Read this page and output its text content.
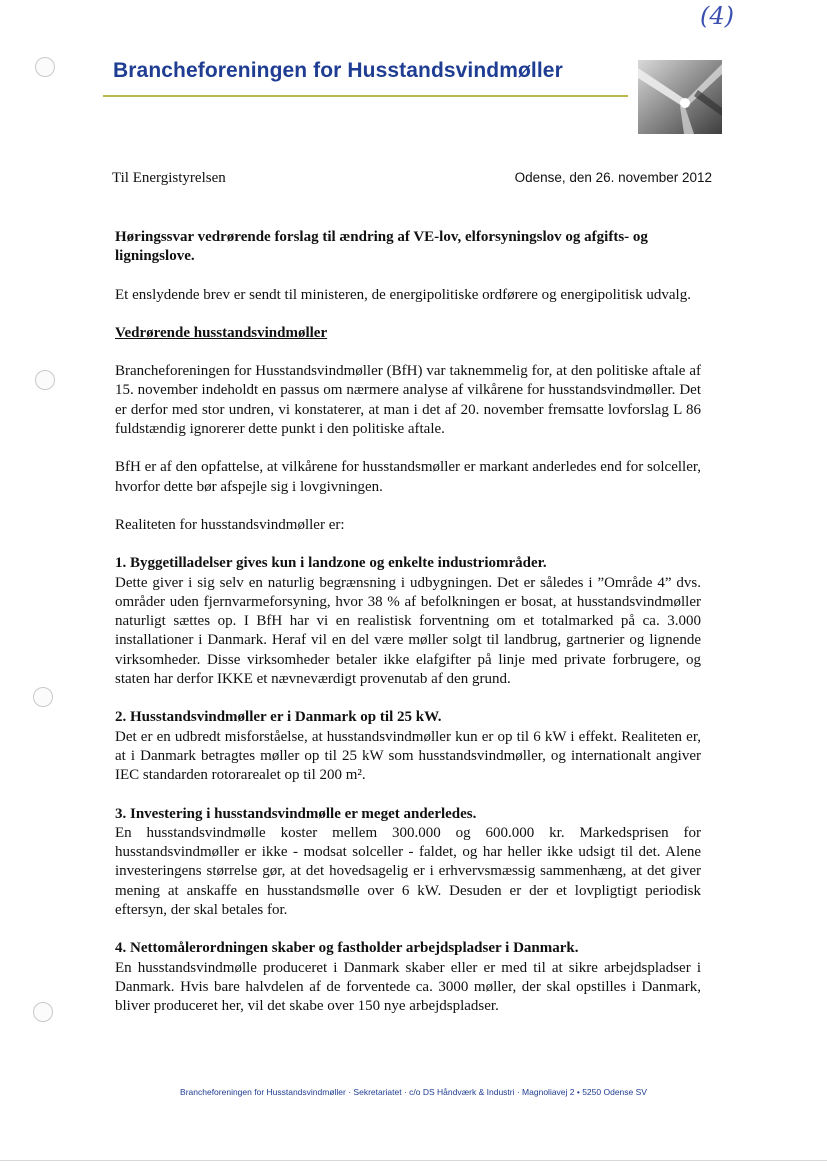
(4)
Brancheforeningen for Husstandsvindmøller
Til Energistyrelsen	Odense, den 26. november 2012

Høringssvar vedrørende forslag til ændring af VE-lov, elforsyningslov og afgifts- og ligningslove.

Et enslydende brev er sendt til ministeren, de energipolitiske ordførere og energipolitisk udvalg.

Vedrørende husstandsvindmøller

Brancheforeningen for Husstandsvindmøller (BfH) var taknemmelig for, at den politiske aftale af 15. november indeholdt en passus om nærmere analyse af vilkårene for husstandsvindmøller. Det er derfor med stor undren, vi konstaterer, at man i det af 20. november fremsatte lovforslag L 86 fuldstændig ignorerer dette punkt i den politiske aftale.

BfH er af den opfattelse, at vilkårene for husstandsmøller er markant anderledes end for solceller, hvorfor dette bør afspejle sig i lovgivningen.

Realiteten for husstandsvindmøller er:

1. Byggetilladelser gives kun i landzone og enkelte industriområder.

Dette giver i sig selv en naturlig begrænsning i udbygningen. Det er således i ”Område 4” dvs. områder uden fjernvarmeforsyning, hvor 38 % af befolkningen er bosat, at husstandsvindmøller naturligt sættes op. I BfH har vi en realistisk forventning om et totalmarked på ca. 3.000 installationer i Danmark. Heraf vil en del være møller solgt til landbrug, gartnerier og lignende virksomheder. Disse virksomheder betaler ikke elafgifter på linje med private forbrugere, og staten har derfor IKKE et nævneværdigt provenutab af den grund.

2. Husstandsvindmøller er i Danmark op til 25 kW.

Det er en udbredt misforståelse, at husstandsvindmøller kun er op til 6 kW i effekt. Realiteten er, at i Danmark betragtes møller op til 25 kW som husstandsvindmøller, og internationalt angiver IEC standarden rotorarealet op til 200 m².

3. Investering i husstandsvindmølle er meget anderledes.

En husstandsvindmølle koster mellem 300.000 og 600.000 kr. Markedsprisen for husstandsvindmøller er ikke - modsat solceller - faldet, og har heller ikke udsigt til det. Alene investeringens størrelse gør, at det hovedsagelig er i erhvervsmæssig sammenhæng, at det giver mening at anskaffe en husstandsmølle over 6 kW. Desuden er der et lovpligtigt periodisk eftersyn, der skal betales for.

4. Nettomålerordningen skaber og fastholder arbejdspladser i Danmark.

En husstandsvindmølle produceret i Danmark skaber eller er med til at sikre arbejdspladser i Danmark. Hvis bare halvdelen af de forventede ca. 3000 møller, der skal opstilles i Danmark, bliver produceret her, vil det skabe over 150 nye arbejdspladser.

Brancheforeningen for Husstandsvindmøller · Sekretariatet · c/o DS Håndværk & Industri · Magnoliavej 2 • 5250 Odense SV
